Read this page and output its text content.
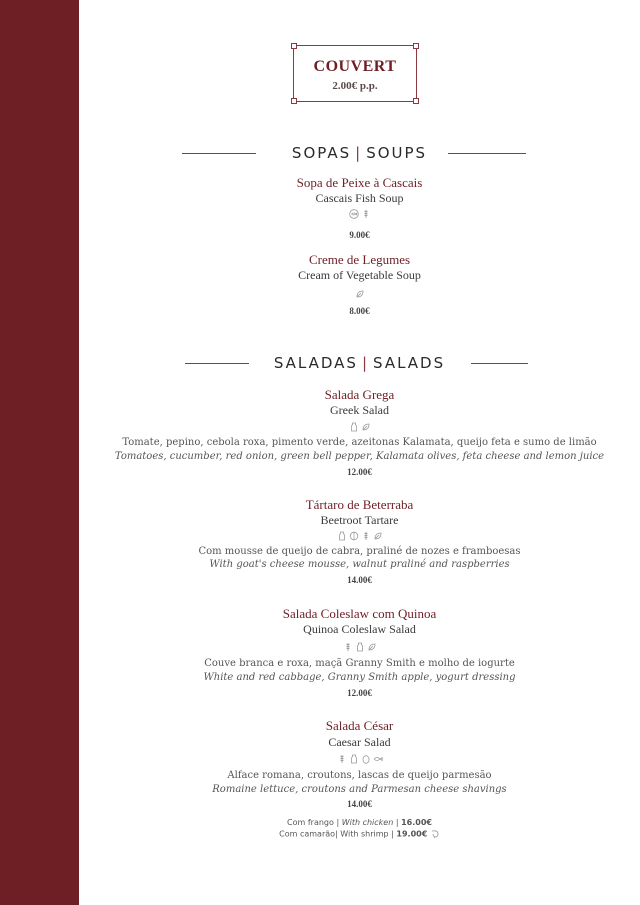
COUVERT
2.00€ p.p.
SOPAS | SOUPS
Sopa de Peixe à Cascais
Cascais Fish Soup
9.00€
Creme de Legumes
Cream of Vegetable Soup
8.00€
SALADAS | SALADS
Salada Grega
Greek Salad
Tomate, pepino, cebola roxa, pimento verde, azeitonas Kalamata, queijo feta e sumo de limão
Tomatoes, cucumber, red onion, green bell pepper, Kalamata olives, feta cheese and lemon juice
12.00€
Tártaro de Beterraba
Beetroot Tartare
Com mousse de queijo de cabra, praliné de nozes e framboesas
With goat's cheese mousse, walnut praliné and raspberries
14.00€
Salada Coleslaw com Quinoa
Quinoa Coleslaw Salad
Couve branca e roxa, maçã Granny Smith e molho de iogurte
White and red cabbage, Granny Smith apple, yogurt dressing
12.00€
Salada César
Caesar Salad
Alface romana, croutons, lascas de queijo parmesão
Romaine lettuce, croutons and Parmesan cheese shavings
14.00€
Com frango | With chicken | 16.00€
Com camarão| With shrimp | 19.00€
